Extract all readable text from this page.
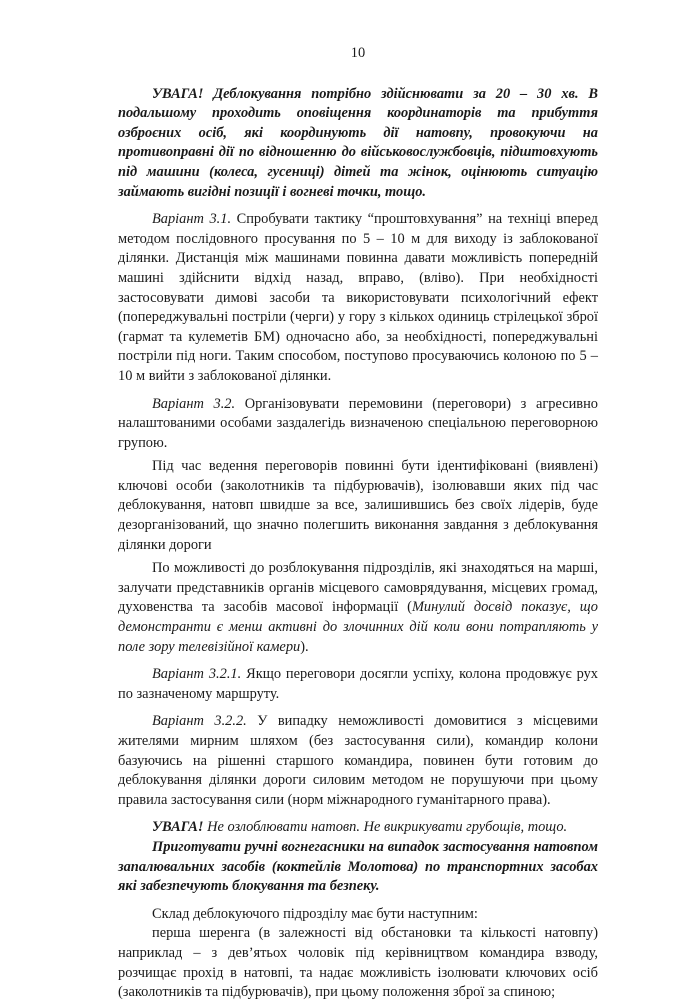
10

УВАГА! Деблокування потрібно здійснювати за 20 – 30 хв. В подальшому проходить оповіщення координаторів та прибуття озброєних осіб, які координують дії натовпу, провокуючи на противоправні дії по відношенню до військовослужбовців, підштовхують під машини (колеса, гусениці) дітей та жінок, оцінюють ситуацію займають вигідні позиції і вогневі точки, тощо.

Варіант 3.1. Спробувати тактику “проштовхування” на техніці вперед методом послідовного просування по 5 – 10 м для виходу із заблокованої ділянки. Дистанція між машинами повинна давати можливість попередній машині здійснити відхід назад, вправо, (вліво). При необхідності застосовувати димові засоби та використовувати психологічний ефект (попереджувальні постріли (черги) у гору з кількох одиниць стрілецької зброї (гармат та кулеметів БМ) одночасно або, за необхідності, попереджувальні постріли під ноги. Таким способом, поступово просуваючись колоною по 5 – 10 м вийти з заблокованої ділянки.

Варіант 3.2. Організовувати перемовини (переговори) з агресивно налаштованими особами заздалегідь визначеною спеціальною переговорною групою.

Під час ведення переговорів повинні бути ідентифіковані (виявлені) ключові особи (заколотників та підбурювачів), ізолювавши яких під час деблокування, натовп швидше за все, залишившись без своїх лідерів, буде дезорганізований, що значно полегшить виконання завдання з деблокування ділянки дороги

По можливості до розблокування підрозділів, які знаходяться на марші, залучати представників органів місцевого самоврядування, місцевих громад, духовенства та засобів масової інформації (Минулий досвід показує, що демонстранти є менш активні до злочинних дій коли вони потрапляють у поле зору телевізійної камери).

Варіант 3.2.1. Якщо переговори досягли успіху, колона продовжує рух по зазначеному маршруту.

Варіант 3.2.2. У випадку неможливості домовитися з місцевими жителями мирним шляхом (без застосування сили), командир колони базуючись на рішенні старшого командира, повинен бути готовим до деблокування ділянки дороги силовим методом не порушуючи при цьому правила застосування сили (норм міжнародного гуманітарного права).

УВАГА! Не озлоблювати натовп. Не викрикувати грубощів, тощо.

Приготувати ручні вогнегасники на випадок застосування натовпом запалювальних засобів (коктейлів Молотова) по транспортних засобах які забезпечують блокування та безпеку.

Склад деблокуючого підрозділу має бути наступним:

перша шеренга (в залежності від обстановки та кількості натовпу) наприклад – з дев’ятьох чоловік під керівництвом командира взводу, розчищає прохід в натовпі, та надає можливість ізолювати ключових осіб (заколотників та підбурювачів), при цьому положення зброї за спиною;
